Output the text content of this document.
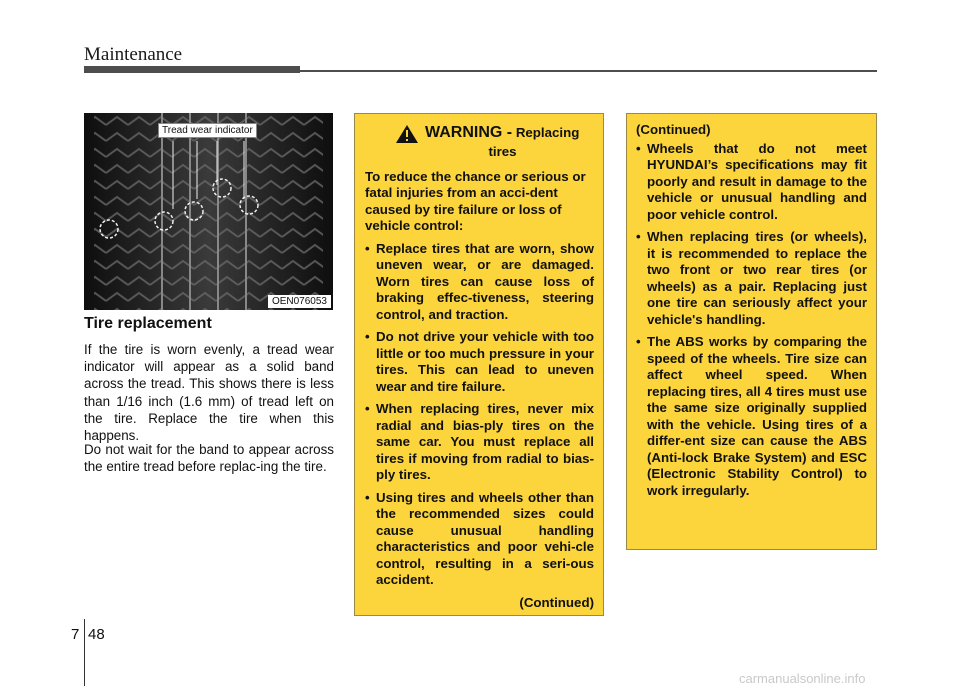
Maintenance
Tread wear indicator
OEN076053
Tire replacement

If the tire is worn evenly, a tread wear indicator will appear as a solid band across the tread. This shows there is less than 1/16 inch (1.6 mm) of tread left on the tire. Replace the tire when this happens.

Do not wait for the band to appear across the entire tread before replac-ing the tire.

WARNING - Replacing
tires

To reduce the chance or serious or fatal injuries from an acci-dent caused by tire failure or loss of vehicle control:

• Replace tires that are worn, show uneven wear, or are damaged. Worn tires can cause loss of braking effec-tiveness, steering control, and traction.
• Do not drive your vehicle with too little or too much pressure in your tires. This can lead to uneven wear and tire failure.
• When replacing tires, never mix radial and bias-ply tires on the same car. You must replace all tires if moving from radial to bias-ply tires.
• Using tires and wheels other than the recommended sizes could cause unusual handling characteristics and poor vehi-cle control, resulting in a seri-ous accident.
(Continued)
(Continued)
• Wheels that do not meet HYUNDAI’s specifications may fit poorly and result in damage to the vehicle or unusual handling and poor vehicle control.
• When replacing tires (or wheels), it is recommended to replace the two front or two rear tires (or wheels) as a pair. Replacing just one tire can seriously affect your vehicle's handling.
• The ABS works by comparing the speed of the wheels. Tire size can affect wheel speed. When replacing tires, all 4 tires must use the same size originally supplied with the vehicle. Using tires of a differ-ent size can cause the ABS (Anti-lock Brake System) and ESC (Electronic Stability Control) to work irregularly.
7 48
carmanualsonline.info
